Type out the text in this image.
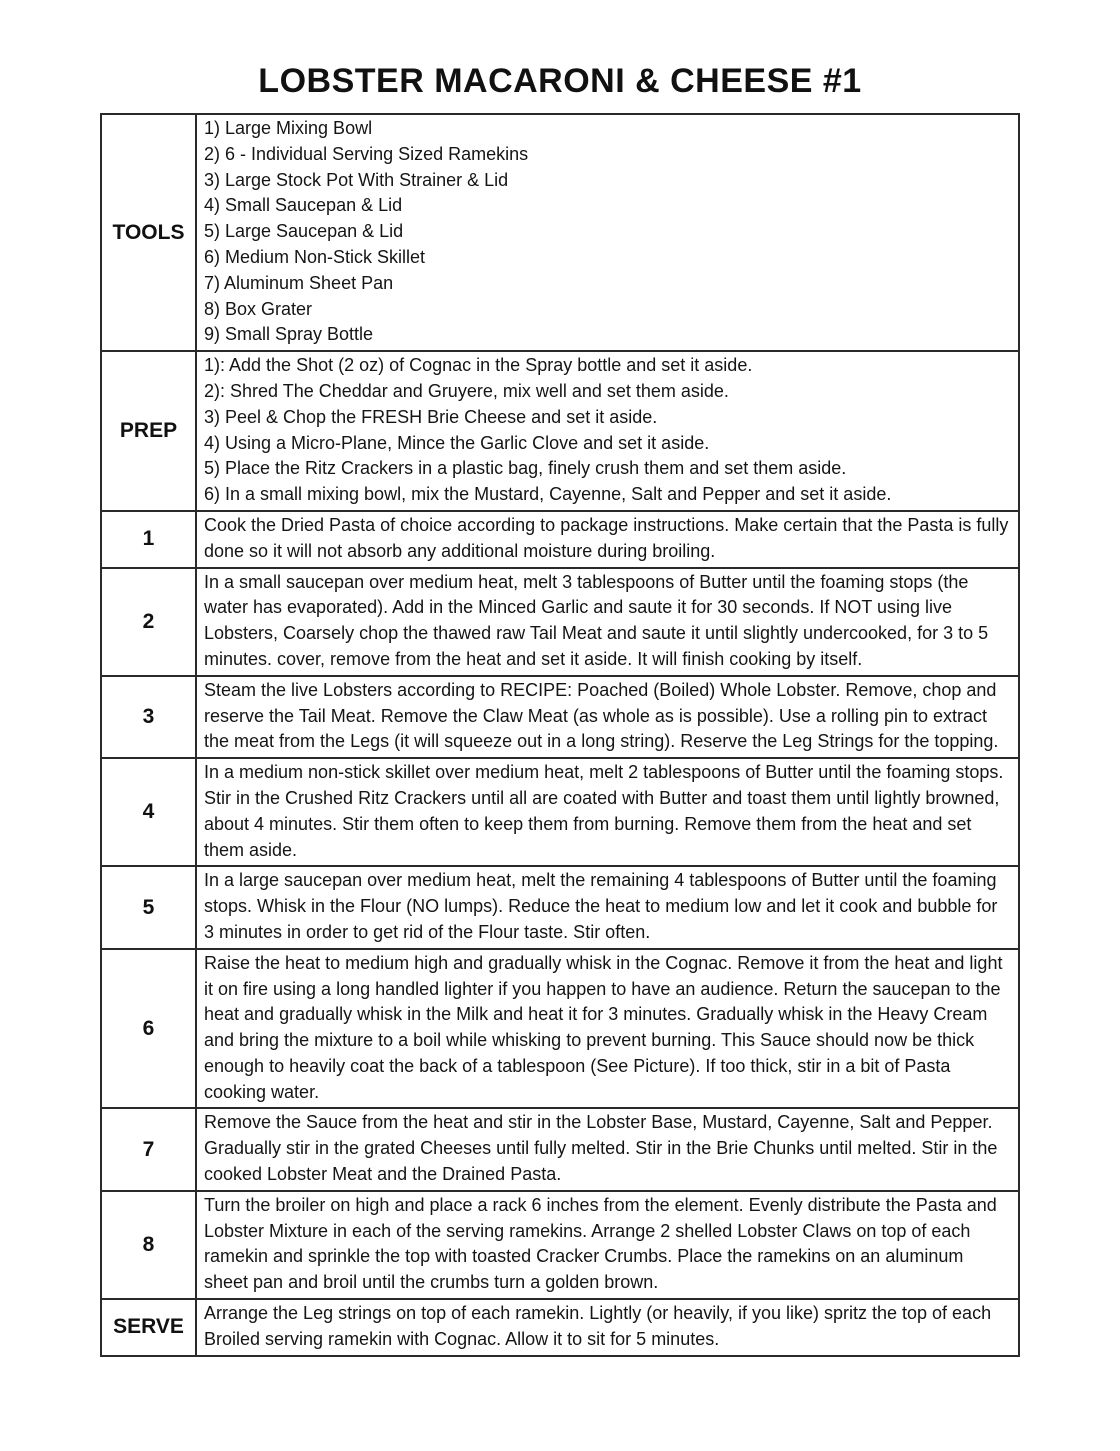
LOBSTER MACARONI & CHEESE #1
TOOLS
1) Large Mixing Bowl
2) 6 - Individual Serving Sized Ramekins
3) Large Stock Pot With Strainer & Lid
4) Small Saucepan & Lid
5) Large Saucepan & Lid
6) Medium Non-Stick Skillet
7) Aluminum Sheet Pan
8) Box Grater
9) Small Spray Bottle
PREP
1): Add the Shot (2 oz) of Cognac in the Spray bottle and set it aside.
2): Shred The Cheddar and Gruyere, mix well and set them aside.
3) Peel & Chop the FRESH Brie Cheese and set it aside.
4) Using a Micro-Plane, Mince the Garlic Clove and set it aside.
5) Place the Ritz Crackers in a plastic bag, finely crush them and set them aside.
6) In a small mixing bowl, mix the Mustard, Cayenne, Salt and Pepper and set it aside.
1
Cook the Dried Pasta of choice according to package instructions. Make certain that the Pasta is fully done so it will not absorb any additional moisture during broiling.
2
In a small saucepan over medium heat, melt 3 tablespoons of Butter until the foaming stops (the water has evaporated). Add in the Minced Garlic and saute it for 30 seconds. If NOT using live Lobsters, Coarsely chop the thawed raw Tail Meat and saute it until slightly undercooked, for 3 to 5 minutes. cover, remove from the heat and set it aside. It will finish cooking by itself.
3
Steam the live Lobsters according to RECIPE: Poached (Boiled) Whole Lobster. Remove, chop and reserve the Tail Meat. Remove the Claw Meat (as whole as is possible). Use a rolling pin to extract the meat from the Legs (it will squeeze out in a long string). Reserve the Leg Strings for the topping.
4
In a medium non-stick skillet over medium heat, melt 2 tablespoons of Butter until the foaming stops. Stir in the Crushed Ritz Crackers until all are coated with Butter and toast them until lightly browned, about 4 minutes. Stir them often to keep them from burning. Remove them from the heat and set them aside.
5
In a large saucepan over medium heat, melt the remaining 4 tablespoons of Butter until the foaming stops. Whisk in the Flour (NO lumps). Reduce the heat to medium low and let it cook and bubble for 3 minutes in order to get rid of the Flour taste. Stir often.
6
Raise the heat to medium high and gradually whisk in the Cognac. Remove it from the heat and light it on fire using a long handled lighter if you happen to have an audience. Return the saucepan to the heat and gradually whisk in the Milk and heat it for 3 minutes. Gradually whisk in the Heavy Cream and bring the mixture to a boil while whisking to prevent burning. This Sauce should now be thick enough to heavily coat the back of a tablespoon (See Picture). If too thick, stir in a bit of Pasta cooking water.
7
Remove the Sauce from the heat and stir in the Lobster Base, Mustard, Cayenne, Salt and Pepper. Gradually stir in the grated Cheeses until fully melted. Stir in the Brie Chunks until melted. Stir in the cooked Lobster Meat and the Drained Pasta.
8
Turn the broiler on high and place a rack 6 inches from the element. Evenly distribute the Pasta and Lobster Mixture in each of the serving ramekins. Arrange 2 shelled Lobster Claws on top of each ramekin and sprinkle the top with toasted Cracker Crumbs. Place the ramekins on an aluminum sheet pan and broil until the crumbs turn a golden brown.
SERVE
Arrange the Leg strings on top of each ramekin. Lightly (or heavily, if you like) spritz the top of each Broiled serving ramekin with Cognac. Allow it to sit for 5 minutes.
